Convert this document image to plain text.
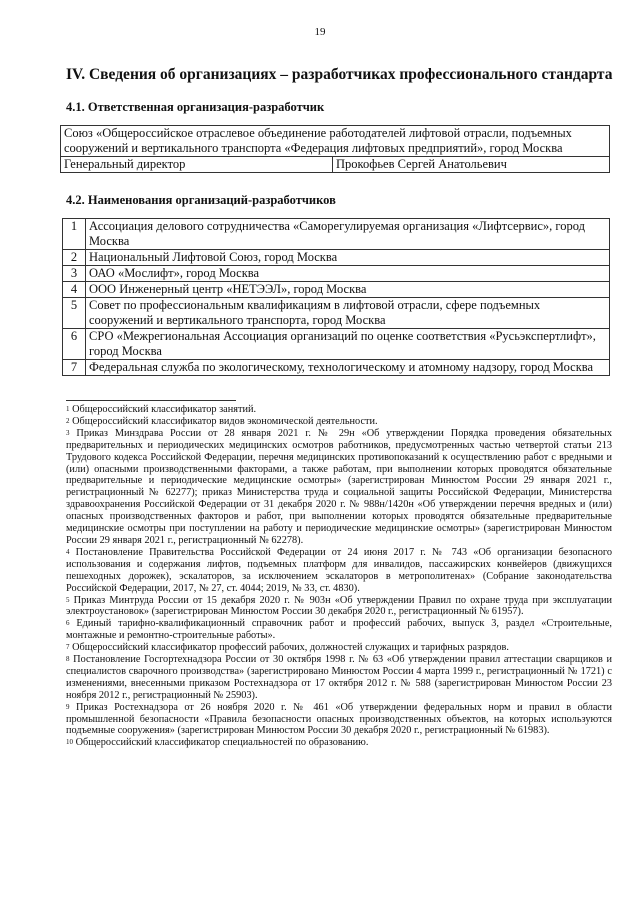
19
IV. Сведения об организациях – разработчиках профессионального стандарта
4.1. Ответственная организация-разработчик
Союз «Общероссийское отраслевое объединение работодателей лифтовой отрасли, подъемных сооружений и вертикального транспорта «Федерация лифтовых предприятий», город Москва
Генеральный директор	Прокофьев Сергей Анатольевич
4.2. Наименования организаций-разработчиков
1	Ассоциация делового сотрудничества «Саморегулируемая организация «Лифтсервис», город Москва
2	Национальный Лифтовой Союз, город Москва
3	ОАО «Мослифт», город Москва
4	ООО Инженерный центр «НЕТЭЭЛ», город Москва
5	Совет по профессиональным квалификациям в лифтовой отрасли, сфере подъемных сооружений и вертикального транспорта, город Москва
6	СРО «Межрегиональная Ассоциация организаций по оценке соответствия «Русьэкспертлифт», город Москва
7	Федеральная служба по экологическому, технологическому и атомному надзору, город Москва

$^1$ Общероссийский классификатор занятий.

$^2$ Общероссийский классификатор видов экономической деятельности.

$^3$ Приказ Минздрава России от 28 января 2021 г. № 29н «Об утверждении Порядка проведения обязательных предварительных и периодических медицинских осмотров работников, предусмотренных частью четвертой статьи 213 Трудового кодекса Российской Федерации, перечня медицинских противопоказаний к осуществлению работ с вредными и (или) опасными производственными факторами, а также работам, при выполнении которых проводятся обязательные предварительные и периодические медицинские осмотры» (зарегистрирован Минюстом России 29 января 2021 г., регистрационный № 62277); приказ Министерства труда и социальной защиты Российской Федерации, Министерства здравоохранения Российской Федерации от 31 декабря 2020 г. № 988н/1420н «Об утверждении перечня вредных и (или) опасных производственных факторов и работ, при выполнении которых проводятся обязательные предварительные медицинские осмотры при поступлении на работу и периодические медицинские осмотры» (зарегистрирован Минюстом России 29 января 2021 г., регистрационный № 62278).

$^4$ Постановление Правительства Российской Федерации от 24 июня 2017 г. № 743 «Об организации безопасного использования и содержания лифтов, подъемных платформ для инвалидов, пассажирских конвейеров (движущихся пешеходных дорожек), эскалаторов, за исключением эскалаторов в метрополитенах» (Собрание законодательства Российской Федерации, 2017, № 27, ст. 4044; 2019, № 33, ст. 4830).

$^5$ Приказ Минтруда России от 15 декабря 2020 г. № 903н «Об утверждении Правил по охране труда при эксплуатации электроустановок» (зарегистрирован Минюстом России 30 декабря 2020 г., регистрационный № 61957).

$^6$ Единый тарифно-квалификационный справочник работ и профессий рабочих, выпуск 3, раздел «Строительные, монтажные и ремонтно-строительные работы».

$^7$ Общероссийский классификатор профессий рабочих, должностей служащих и тарифных разрядов.

$^8$ Постановление Госгортехнадзора России от 30 октября 1998 г. № 63 «Об утверждении правил аттестации сварщиков и специалистов сварочного производства» (зарегистрировано Минюстом России 4 марта 1999 г., регистрационный № 1721) с изменениями, внесенными приказом Ростехнадзора от 17 октября 2012 г. № 588 (зарегистрирован Минюстом России 23 ноября 2012 г., регистрационный № 25903).

$^9$ Приказ Ростехнадзора от 26 ноября 2020 г. № 461 «Об утверждении федеральных норм и правил в области промышленной безопасности «Правила безопасности опасных производственных объектов, на которых используются подъемные сооружения» (зарегистрирован Минюстом России 30 декабря 2020 г., регистрационный № 61983).

$^{10}$ Общероссийский классификатор специальностей по образованию.
